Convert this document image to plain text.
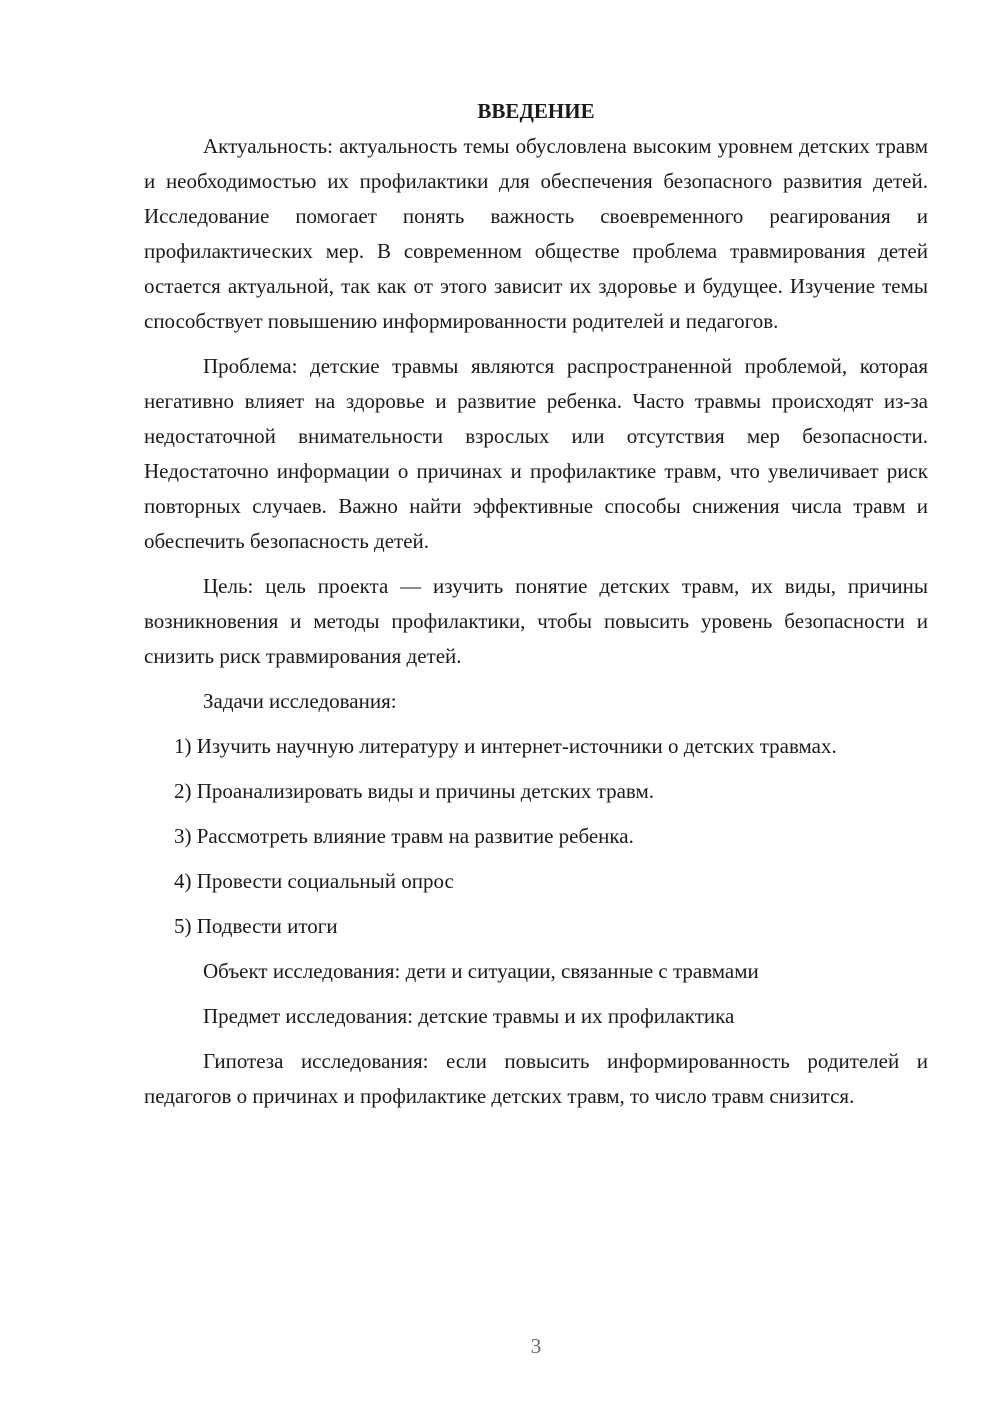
ВВЕДЕНИЕ

Актуальность: актуальность темы обусловлена высоким уровнем детских травм и необходимостью их профилактики для обеспечения безопасного развития детей. Исследование помогает понять важность своевременного реагирования и профилактических мер. В современном обществе проблема травмирования детей остается актуальной, так как от этого зависит их здоровье и будущее. Изучение темы способствует повышению информированности родителей и педагогов.

Проблема: детские травмы являются распространенной проблемой, которая негативно влияет на здоровье и развитие ребенка. Часто травмы происходят из-за недостаточной внимательности взрослых или отсутствия мер безопасности. Недостаточно информации о причинах и профилактике травм, что увеличивает риск повторных случаев. Важно найти эффективные способы снижения числа травм и обеспечить безопасность детей.

Цель: цель проекта — изучить понятие детских травм, их виды, причины возникновения и методы профилактики, чтобы повысить уровень безопасности и снизить риск травмирования детей.

Задачи исследования:

1) Изучить научную литературу и интернет-источники о детских травмах.

2) Проанализировать виды и причины детских травм.

3) Рассмотреть влияние травм на развитие ребенка.

4) Провести социальный опрос

5) Подвести итоги

Объект исследования: дети и ситуации, связанные с травмами

Предмет исследования: детские травмы и их профилактика

Гипотеза исследования: если повысить информированность родителей и педагогов о причинах и профилактике детских травм, то число травм снизится.

3
